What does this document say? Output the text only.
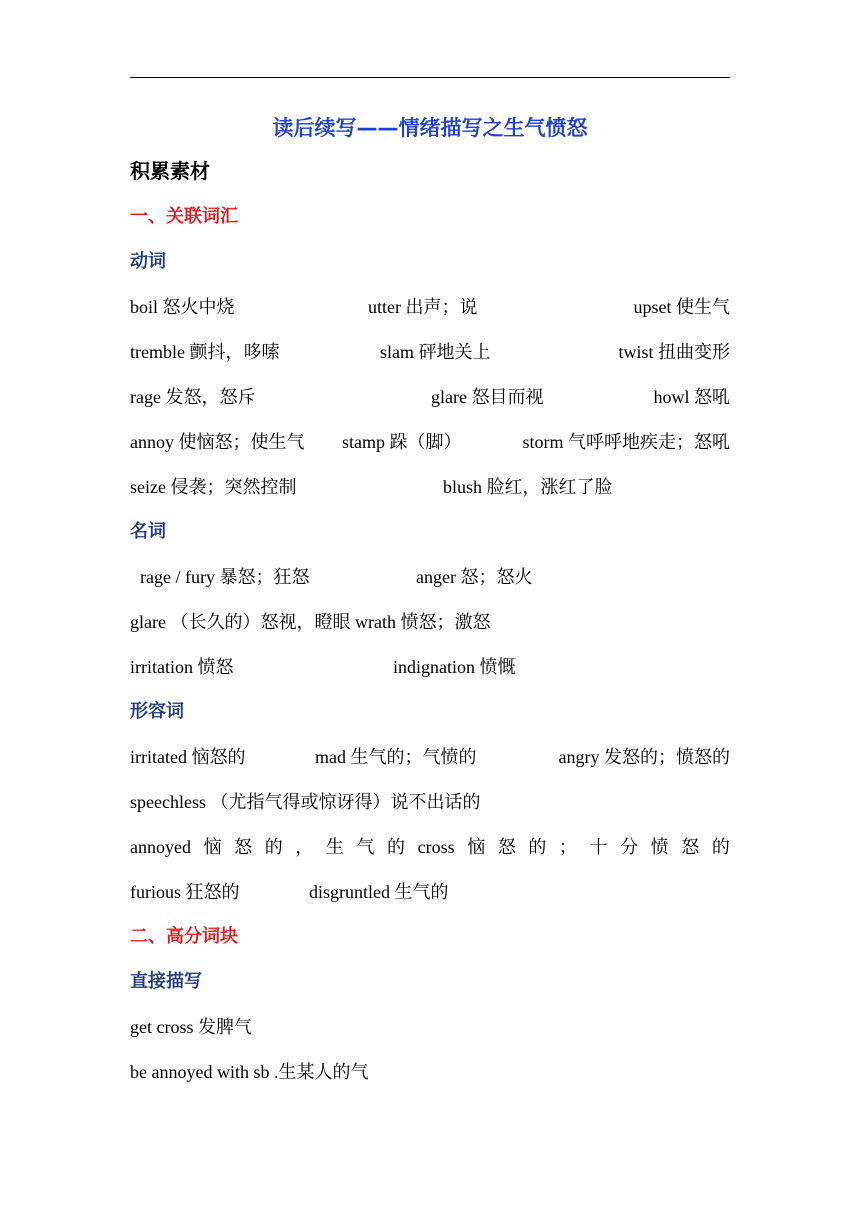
读后续写——情绪描写之生气愤怒
积累素材
一、关联词汇
动词
boil 怒火中烧	utter 出声；说	upset 使生气
tremble 颤抖，哆嗦	slam 砰地关上	twist 扭曲变形
rage 发怒，怒斥	glare 怒目而视	howl 怒吼
annoy 使恼怒；使生气 stamp 跺（脚）	storm 气呼呼地疾走；怒吼
seize 侵袭；突然控制	blush 脸红，涨红了脸
名词
rage / fury 暴怒；狂怒	anger 怒；怒火
glare （长久的）怒视，瞪眼 wrath 愤怒；激怒
irritation 愤怒	indignation 愤慨
形容词
irritated 恼怒的	mad 生气的；气愤的	angry 发怒的；愤怒的
speechless （尤指气得或惊讶得）说不出话的
annoyed 恼 怒 的 ， 生 气 的 cross 恼 怒 的 ； 十 分 愤 怒 的
furious 狂怒的	disgruntled 生气的
二、高分词块
直接描写
get cross 发脾气
be annoyed with sb .生某人的气
